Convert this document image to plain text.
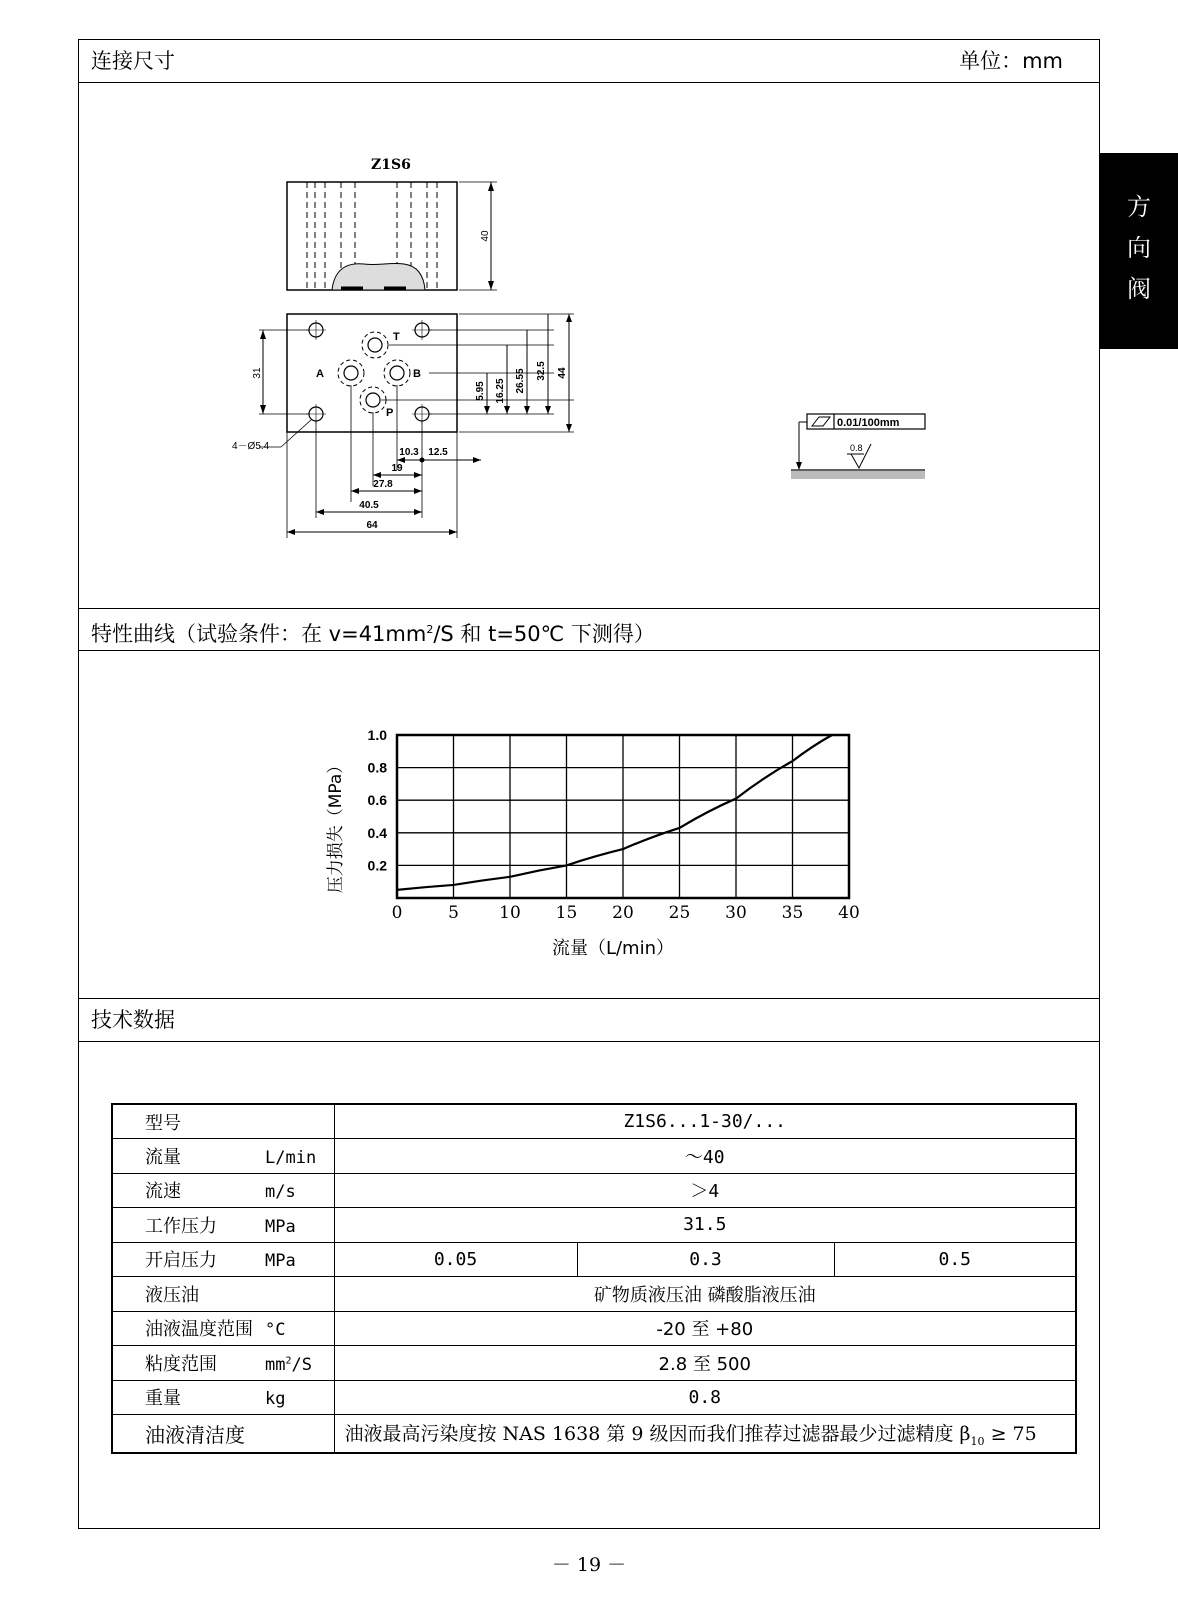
方
向
阀
连接尺寸	单位：mm
Z1S6
40
T
A	B
P
31
4－Ø5.4
5.95 16.25 26.55 32.5 44
10.3 12.5
19
27.8
40.5
64
0.01/100mm
0.8
特性曲线（试验条件：在 $v=41mm^2/S$ 和 t=50℃ 下测得）
0	5 10 15 20 25 30 35 40
0.2
0.4
0.6
0.8
1.0
流量（L/min）
压力损失（MPa）
技术数据
型号	Z1S6...1-30/...		
流量 L/min	～40		
流速 m/s	＞4		
工作压力 MPa	31.5		
开启压力 MPa	0.05	0.3	0.5
液压油	矿物质液压油 磷酸脂液压油		
油液温度范围 °C	-20 至 +80		
粘度范围 $mm^2/S$	2.8 至 500		
重量 kg	0.8		
油液清洁度	油液最高污染度按 NAS 1638 第 9 级因而我们推荐过滤器最少过滤精度 $\beta_{10} \ge 75$		
－ 19 －
